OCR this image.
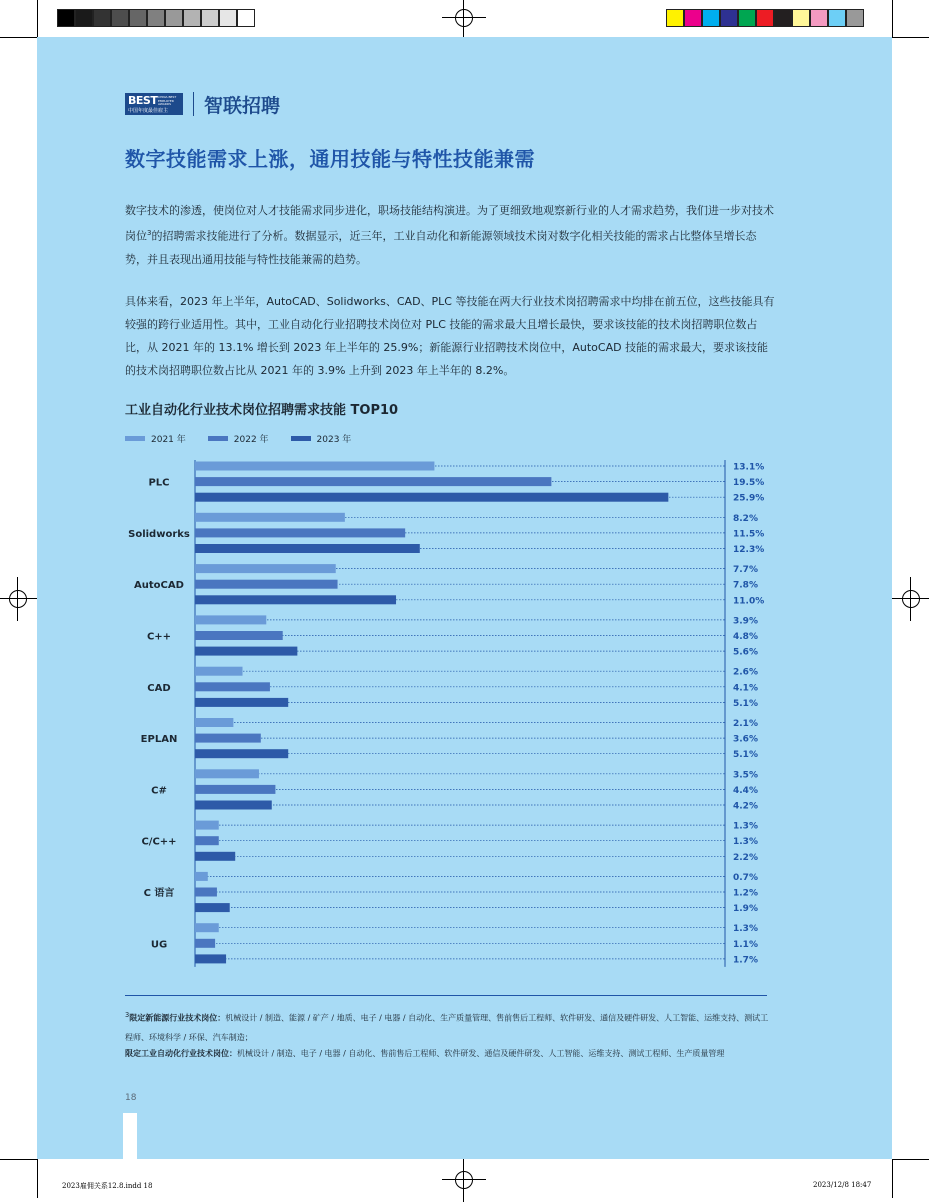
BEST CHINA BEST EMPLOYER AWARDS
中国年度最佳雇主	智联招聘
数字技能需求上涨，通用技能与特性技能兼需

数字技术的渗透，使岗位对人才技能需求同步进化，职场技能结构演进。为了更细致地观察新行业的人才需求趋势，我们进一步对技术岗位$^3$的招聘需求技能进行了分析。数据显示，近三年，工业自动化和新能源领域技术岗对数字化相关技能的需求占比整体呈增长态势，并且表现出通用技能与特性技能兼需的趋势。

具体来看，2023 年上半年，AutoCAD、Solidworks、CAD、PLC 等技能在两大行业技术岗招聘需求中均排在前五位，这些技能具有较强的跨行业适用性。其中，工业自动化行业招聘技术岗位对 PLC 技能的需求最大且增长最快，要求该技能的技术岗招聘职位数占比，从 2021 年的 13.1% 增长到 2023 年上半年的 25.9%；新能源行业招聘技术岗位中，AutoCAD 技能的需求最大，要求该技能的技术岗招聘职位数占比从 2021 年的 3.9% 上升到 2023 年上半年的 8.2%。

工业自动化行业技术岗位招聘需求技能 TOP10
2021 年	2022 年	2023 年
PLC
13.1%
19.5%
25.9%
Solidworks
8.2%
11.5%
12.3%
AutoCAD
7.7%
7.8%
11.0%
C++
3.9%
4.8%
5.6%
CAD
2.6%
4.1%
5.1%
EPLAN
2.1%
3.6%
5.1%
C#
3.5%
4.4%
4.2%
C/C++
1.3%
1.3%
2.2%
C 语言
0.7%
1.2%
1.9%
UG
1.3%
1.1%
1.7%
$^3$限定新能源行业技术岗位：机械设计 / 制造、能源 / 矿产 / 地质、电子 / 电器 / 自动化、生产质量管理、售前售后工程师、软件研发、通信及硬件研发、人工智能、运维支持、测试工程师、环境科学 / 环保、汽车制造；
限定工业自动化行业技术岗位：机械设计 / 制造、电子 / 电器 / 自动化、售前售后工程师、软件研发、通信及硬件研发、人工智能、运维支持、测试工程师、生产质量管理
18
2023雇佣关系12.8.indd 18	2023/12/8 18:47
